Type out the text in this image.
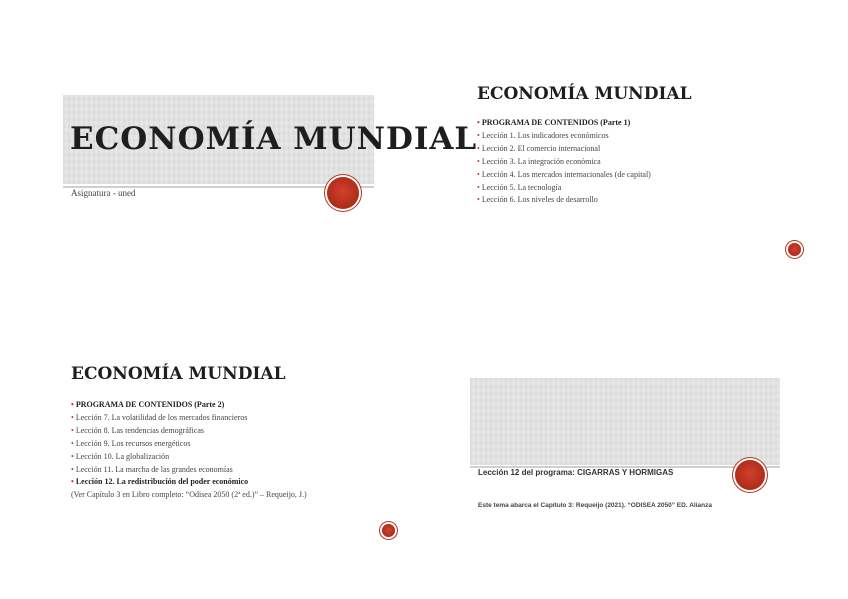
ECONOMÍA MUNDIAL
Asignatura - uned
ECONOMÍA MUNDIAL
• PROGRAMA DE CONTENIDOS (Parte 1)
• Lección 1. Los indicadores económicos
• Lección 2. El comercio internacional
• Lección 3. La integración económica
• Lección 4. Los mercados internacionales (de capital)
• Lección 5. La tecnología
• Lección 6. Los niveles de desarrollo
ECONOMÍA MUNDIAL
• PROGRAMA DE CONTENIDOS (Parte 2)
• Lección 7. La volatilidad de los mercados financieros
• Lección 8. Las tendencias demográficas
• Lección 9. Los recursos energéticos
• Lección 10. La globalización
• Lección 11. La marcha de las grandes economías
• Lección 12. La redistribución del poder económico
(Ver Capítulo 3 en Libro completo: “Odisea 2050 (2ª ed.)” – Requeijo, J.)
Lección 12 del programa: CIGARRAS Y HORMIGAS
Este tema abarca el Capítulo 3: Requeijo (2021). “ODISEA 2050” ED. Alianza
